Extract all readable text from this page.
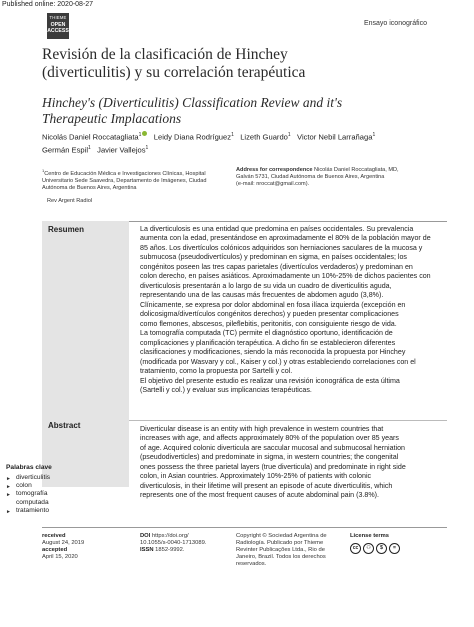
Published online: 2020-08-27
THIEME
OPEN
ACCESS
Ensayo iconográfico
Revisión de la clasificación de Hinchey
(diverticulitis) y su correlación terapéutica
Hinchey's (Diverticulitis) Classification Review and it's
Therapeutic Implacations
Nicolás Daniel Roccatagliata$^1$ Leidy Diana Rodríguez$^1$ Lizeth Guardo$^1$ Victor Nebil Larrañaga$^1$
Germán Espil$^1$ Javier Vallejos$^1$
$^1$Centro de Educación Médica e Investigaciones Clínicas, Hospital
Universitario Sede Saavedra, Departamento de Imágenes, Ciudad
Autónoma de Buenos Aires, Argentina
Address for correspondence Nicolás Daniel Roccatagliata, MD,
Galván 5731, Ciudad Autónoma de Buenos Aires, Argentina
(e-mail: nroccat@gmail.com).
Rev Argent Radiol
Resumen
Abstract
Palabras clave
► diverticulitis
► colon
► tomografía
computada
► tratamiento
La diverticulosis es una entidad que predomina en países occidentales. Su prevalencia
aumenta con la edad, presentándose en aproximadamente el 80% de la población mayor de
85 años. Los divertículos colónicos adquiridos son herniaciones saculares de la mucosa y
submucosa (pseudodivertículos) y predominan en sigma, en países occidentales; los
congénitos poseen las tres capas parietales (divertículos verdaderos) y predominan en
colon derecho, en países asiáticos. Aproximadamente un 10%-25% de dichos pacientes con
diverticulosis presentarán a lo largo de su vida un cuadro de diverticulitis aguda,
representando una de las causas más frecuentes de abdomen agudo (3,8%).
Clínicamente, se expresa por dolor abdominal en fosa ilíaca izquierda (excepción en
dolicosigma/divertículos congénitos derechos) y pueden presentar complicaciones
como flemones, abscesos, pileflebitis, peritonitis, con consiguiente riesgo de vida.
La tomografía computada (TC) permite el diagnóstico oportuno, identificación de
complicaciones y planificación terapéutica. A dicho fin se establecieron diferentes
clasificaciones y modificaciones, siendo la más reconocida la propuesta por Hinchey
(modificada por Wasvary y col., Kaiser y col.) y otras estableciendo correlaciones con el
tratamiento, como la propuesta por Sartelli y col.
El objetivo del presente estudio es realizar una revisión iconográfica de esta última
(Sartelli y col.) y evaluar sus implicancias terapéuticas.
Diverticular disease is an entity with high prevalence in western countries that
increases with age, and affects approximately 80% of the population over 85 years
of age. Acquired colonic diverticula are saccular mucosal and submucosal herniation
(pseudodiverticles) and predominate in sigma, in western countries; the congenital
ones possess the three parietal layers (true diverticula) and predominate in right side
colon, in Asian countries. Approximately 10%-25% of patients with colonic
diverticulosis, in their lifetime will present an episode of acute diverticulitis, which
represents one of the most frequent causes of acute abdominal pain (3.8%).
received
August 24, 2019
accepted
April 15, 2020
DOI https://doi.org/
10.1055/s-0040-1713089.
ISSN 1852-9992.
Copyright © Sociedad Argentina de
Radiología. Publicado por Thieme
Revinter Publicações Ltda., Rio de
Janeiro, Brazil. Todos los derechos
reservados.
License terms
cc	⚇	$	=
